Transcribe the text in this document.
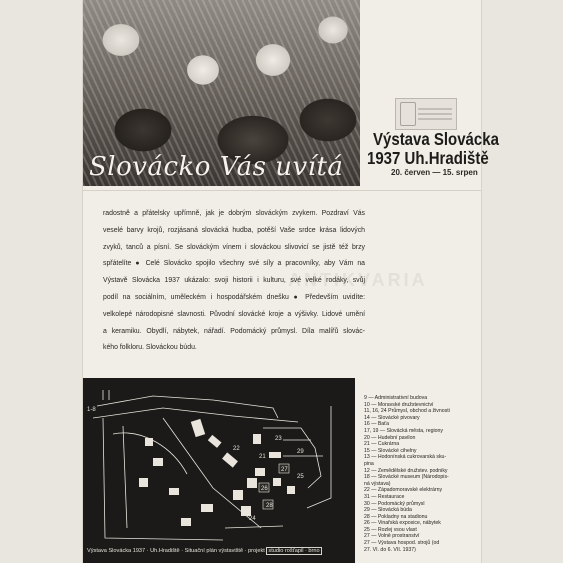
Slovácko Vás uvítá
Výstava Slovácka
1937 Uh.Hradiště
20. červen — 15. srpen
ANTIKVARIA

radostně a přátelsky upřímně, jak je dobrým slováckým zvykem. Pozdraví Vás

veselé barvy krojů, rozjásaná slovácká hudba, potěší Vaše srdce krása lidových

zvyků, tanců a písní. Se slováckým vínem i slováckou slivovicí se jistě též brzy

spřátelíte ● Celé Slovácko spojilo všechny své síly a pracovníky, aby Vám na

Výstavě Slovácka 1937 ukázalo: svoji historii i kulturu, své velké rodáky, svůj

podíl na sociálním, uměleckém i hospodářském dnešku ● Především uvidíte:

velkolepé národopisné slavnosti. Původní slovácké kroje a výšivky. Lidové umění

a keramiku. Obydlí, nábytek, nářadí. Podomácký průmysl. Díla malířů slovác-

kého folkloru. Slováckou búdu.

1-8
26
28
27
29
23
25
24
22
21
Výstava Slovácka 1937 · Uh.Hradiště · Situační plán výstaviště · projekt studio rošťapil · brno
9 — Administrativní budova
10 — Moravské družstevnictví
11, 16, 24 Průmysl, obchod a živnosti
14 — Slovácké pivovary
16 — Baťa
17, 19 — Slovácká města, regiony
20 — Hudební pavilon
21 — Cukrárna
15 — Slovácké cihelny
13 — Hodonínská cukrovarská sku-
pina
12 — Zemědělské družstev. podniky
18 — Slovácké museum (Národopis-
ná výstava)
22 — Západomoravské elektrárny
31 — Restaurace
30 — Podomácký průmysl
29 — Slovácká búda
28 — Pokladny na stadionu
26 — Vinařská exposice, nábytek
25 — Rozlej vsou vlast
27 — Volně prostranství
27 — Výstava hospod. strojů (od
27. VI. do 6. VII. 1937)
